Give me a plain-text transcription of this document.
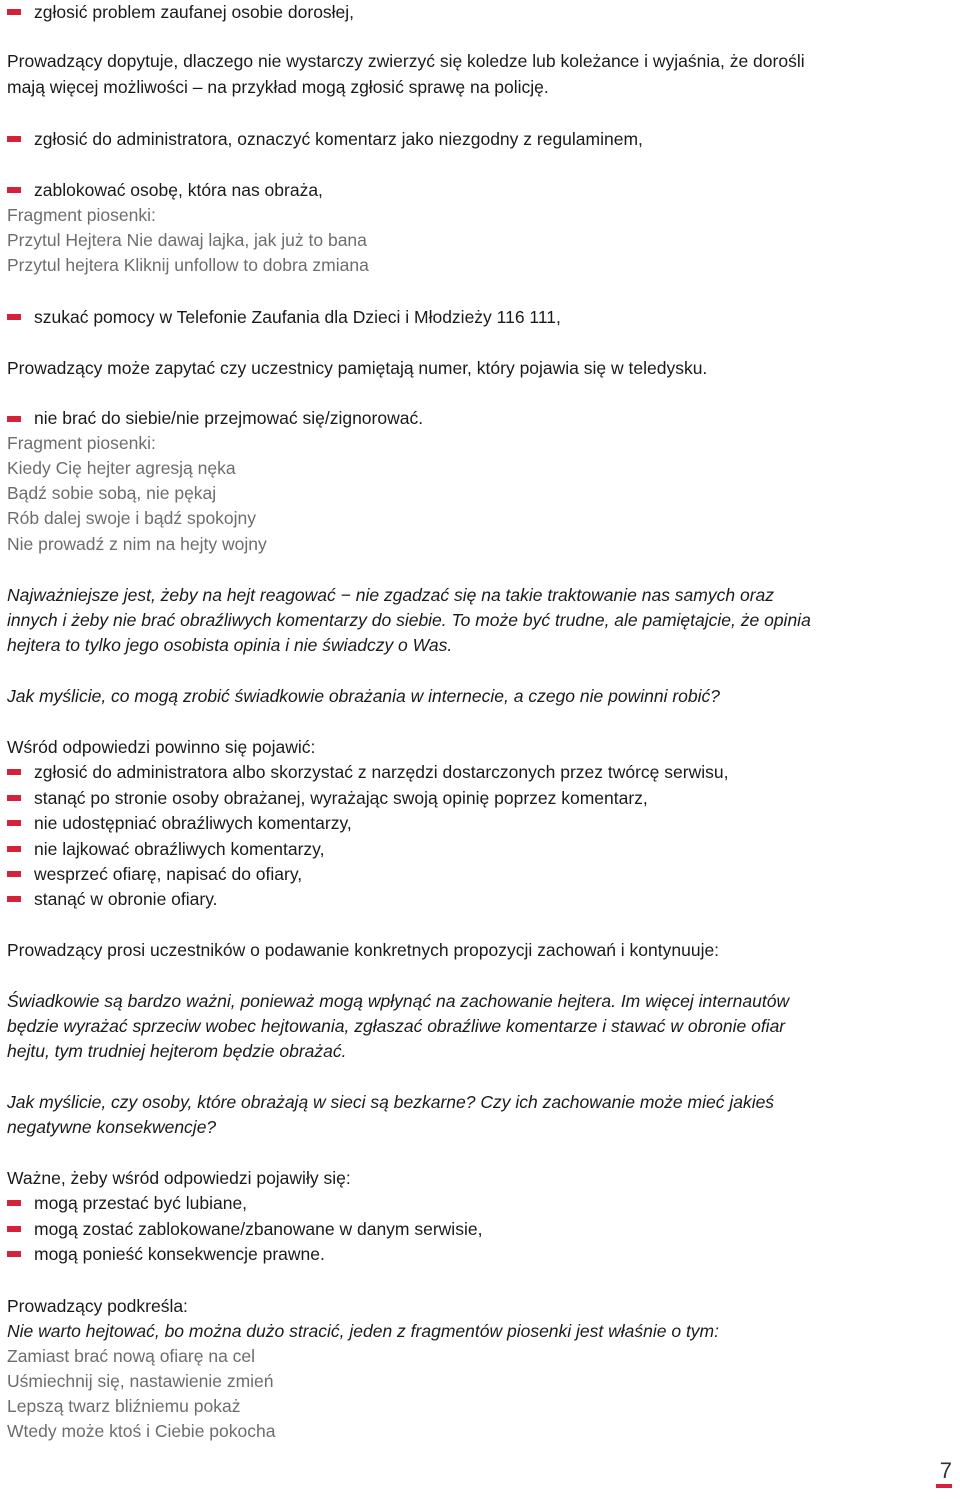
zgłosić problem zaufanej osobie dorosłej,
Prowadzący dopytuje, dlaczego nie wystarczy zwierzyć się koledze lub koleżance i wyjaśnia, że dorośli
mają więcej możliwości – na przykład mogą zgłosić sprawę na policję.
zgłosić do administratora, oznaczyć komentarz jako niezgodny z regulaminem,
zablokować osobę, która nas obraża,
Fragment piosenki:
Przytul Hejtera Nie dawaj lajka, jak już to bana
Przytul hejtera Kliknij unfollow to dobra zmiana
szukać pomocy w Telefonie Zaufania dla Dzieci i Młodzieży 116 111,
Prowadzący może zapytać czy uczestnicy pamiętają numer, który pojawia się w teledysku.
nie brać do siebie/nie przejmować się/zignorować.
Fragment piosenki:
Kiedy Cię hejter agresją nęka
Bądź sobie sobą, nie pękaj
Rób dalej swoje i bądź spokojny
Nie prowadź z nim na hejty wojny
Najważniejsze jest, żeby na hejt reagować − nie zgadzać się na takie traktowanie nas samych oraz
innych i żeby nie brać obraźliwych komentarzy do siebie. To może być trudne, ale pamiętajcie, że opinia
hejtera to tylko jego osobista opinia i nie świadczy o Was.
Jak myślicie, co mogą zrobić świadkowie obrażania w internecie, a czego nie powinni robić?
Wśród odpowiedzi powinno się pojawić:
zgłosić do administratora albo skorzystać z narzędzi dostarczonych przez twórcę serwisu,
stanąć po stronie osoby obrażanej, wyrażając swoją opinię poprzez komentarz,
nie udostępniać obraźliwych komentarzy,
nie lajkować obraźliwych komentarzy,
wesprzeć ofiarę, napisać do ofiary,
stanąć w obronie ofiary.
Prowadzący prosi uczestników o podawanie konkretnych propozycji zachowań i kontynuuje:
Świadkowie są bardzo ważni, ponieważ mogą wpłynąć na zachowanie hejtera. Im więcej internautów
będzie wyrażać sprzeciw wobec hejtowania, zgłaszać obraźliwe komentarze i stawać w obronie ofiar
hejtu, tym trudniej hejterom będzie obrażać.
Jak myślicie, czy osoby, które obrażają w sieci są bezkarne? Czy ich zachowanie może mieć jakieś
negatywne konsekwencje?
Ważne, żeby wśród odpowiedzi pojawiły się:
mogą przestać być lubiane,
mogą zostać zablokowane/zbanowane w danym serwisie,
mogą ponieść konsekwencje prawne.
Prowadzący podkreśla:
Nie warto hejtować, bo można dużo stracić, jeden z fragmentów piosenki jest właśnie o tym:
Zamiast brać nową ofiarę na cel
Uśmiechnij się, nastawienie zmień
Lepszą twarz bliźniemu pokaż
Wtedy może ktoś i Ciebie pokocha
7
